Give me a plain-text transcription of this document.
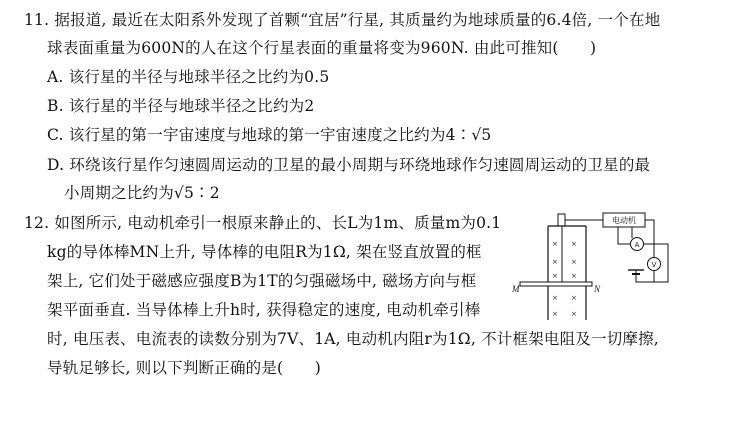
11. 据报道, 最近在太阳系外发现了首颗“宜居”行星, 其质量约为地球质量的6.4倍, 一个在地
球表面重量为600N的人在这个行星表面的重量将变为960N. 由此可推知(　　)
A. 该行星的半径与地球半径之比约为0.5
B. 该行星的半径与地球半径之比约为2
C. 该行星的第一宇宙速度与地球的第一宇宙速度之比约为4∶√5
D. 环绕该行星作匀速圆周运动的卫星的最小周期与环绕地球作匀速圆周运动的卫星的最
小周期之比约为√5∶2
12. 如图所示, 电动机牵引一根原来静止的、长L为1m、质量m为0.1
kg的导体棒MN上升, 导体棒的电阻R为1Ω, 架在竖直放置的框
架上, 它们处于磁感应强度B为1T的匀强磁场中, 磁场方向与框
架平面垂直. 当导体棒上升h时, 获得稳定的速度, 电动机牵引棒
时, 电压表、电流表的读数分别为7V、1A, 电动机内阻r为1Ω, 不计框架电阻及一切摩擦,
导轨足够长, 则以下判断正确的是(　　)
电动机
M	N
× ×
× ×
× ×
× ×
× ×
A
V
